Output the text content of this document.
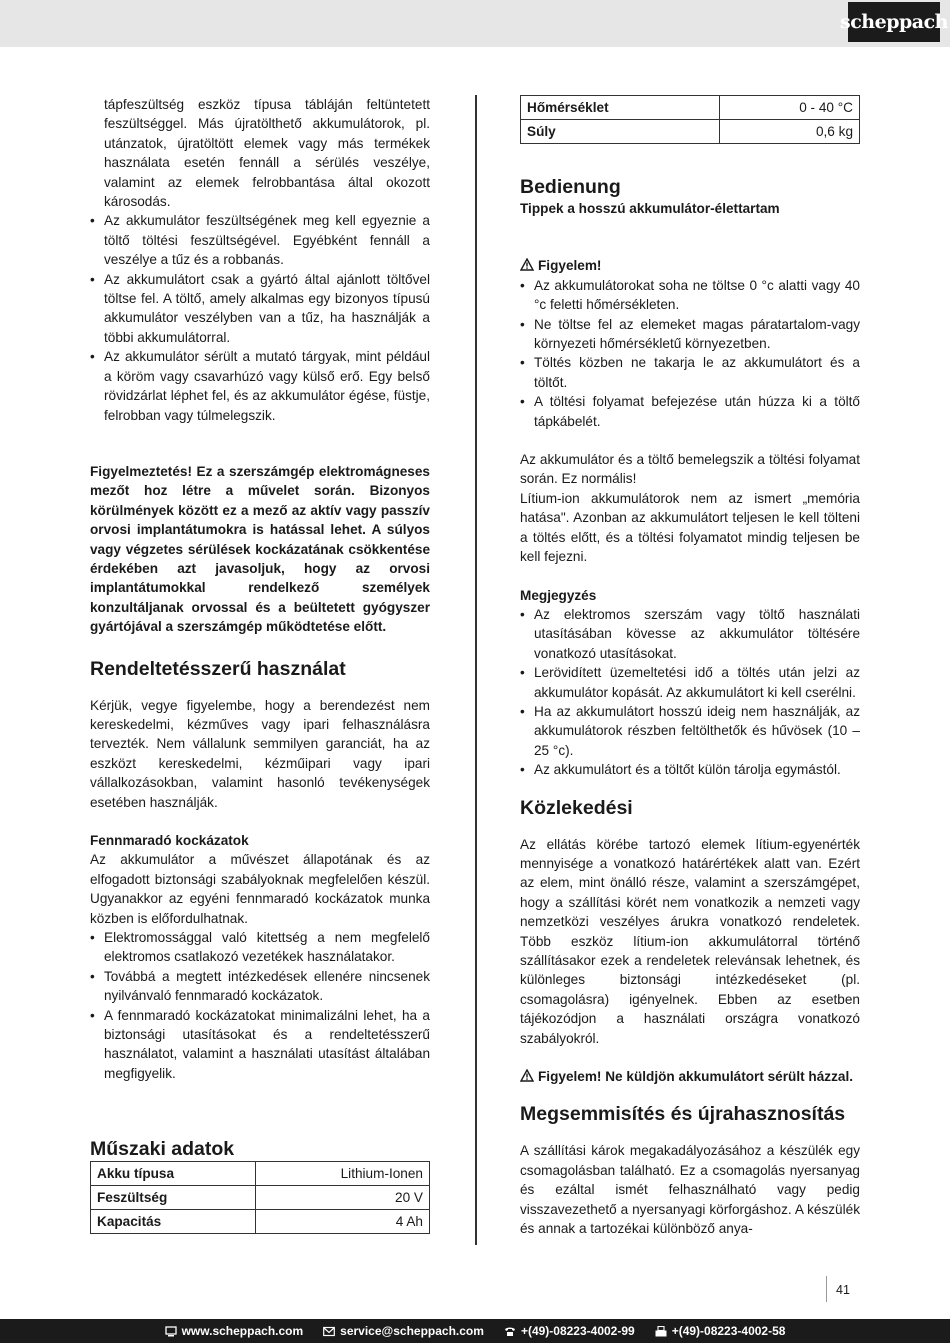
scheppach

tápfeszültség eszköz típusa tábláján feltüntetett feszültséggel. Más újratölthető akkumulátorok, pl. utánzatok, újratöltött elemek vagy más termékek használata esetén fennáll a sérülés veszélye, valamint az elemek felrobbantása által okozott károsodás.

• Az akkumulátor feszültségének meg kell egyeznie a töltő töltési feszültségével. Egyébként fennáll a veszélye a tűz és a robbanás.
• Az akkumulátort csak a gyártó által ajánlott töltővel töltse fel. A töltő, amely alkalmas egy bizonyos típusú akkumulátor veszélyben van a tűz, ha használják a többi akkumulátorral.
• Az akkumulátor sérült a mutató tárgyak, mint például a köröm vagy csavarhúzó vagy külső erő. Egy belső rövidzárlat léphet fel, és az akkumulátor égése, füstje, felrobban vagy túlmelegszik.

Figyelmeztetés! Ez a szerszámgép elektromágneses mezőt hoz létre a művelet során. Bizonyos körülmények között ez a mező az aktív vagy passzív orvosi implantátumokra is hatással lehet. A súlyos vagy végzetes sérülések kockázatának csökkentése érdekében azt javasoljuk, hogy az orvosi implantátumokkal rendelkező személyek konzultáljanak orvossal és a beültetett gyógyszer gyártójával a szerszámgép működtetése előtt.

Rendeltetésszerű használat

Kérjük, vegye figyelembe, hogy a berendezést nem kereskedelmi, kézműves vagy ipari felhasználásra tervezték. Nem vállalunk semmilyen garanciát, ha az eszközt kereskedelmi, kézműipari vagy ipari vállalkozásokban, valamint hasonló tevékenységek esetében használják.

Fennmaradó kockázatok

Az akkumulátor a művészet állapotának és az elfogadott biztonsági szabályoknak megfelelően készül. Ugyanakkor az egyéni fennmaradó kockázatok munka közben is előfordulhatnak.

• Elektromossággal való kitettség a nem megfelelő elektromos csatlakozó vezetékek használatakor.
• Továbbá a megtett intézkedések ellenére nincsenek nyilvánvaló fennmaradó kockázatok.
• A fennmaradó kockázatokat minimalizálni lehet, ha a biztonsági utasításokat és a rendeltetésszerű használatot, valamint a használati utasítást általában megfigyelik.
Műszaki adatok
Akku típusa	Lithium-Ionen
Feszültség	20 V
Kapacitás	4 Ah
Hőmérséklet	0 - 40 °C
Súly	0,6 kg
Bedienung
Tippek a hosszú akkumulátor-élettartam
Figyelem!
• Az akkumulátorokat soha ne töltse 0 °c alatti vagy 40 °c feletti hőmérsékleten.
• Ne töltse fel az elemeket magas páratartalom-vagy környezeti hőmérsékletű környezetben.
• Töltés közben ne takarja le az akkumulátort és a töltőt.
• A töltési folyamat befejezése után húzza ki a töltő tápkábelét.

Az akkumulátor és a töltő bemelegszik a töltési folyamat során. Ez normális!

Lítium-ion akkumulátorok nem az ismert „memória hatása". Azonban az akkumulátort teljesen le kell tölteni a töltés előtt, és a töltési folyamatot mindig teljesen be kell fejezni.

Megjegyzés
• Az elektromos szerszám vagy töltő használati utasításában kövesse az akkumulátor töltésére vonatkozó utasításokat.
• Lerövidített üzemeltetési idő a töltés után jelzi az akkumulátor kopását. Az akkumulátort ki kell cserélni.
• Ha az akkumulátort hosszú ideig nem használják, az akkumulátorok részben feltölthetők és hűvösek (10 – 25 °c).
• Az akkumulátort és a töltőt külön tárolja egymástól.
Közlekedési

Az ellátás körébe tartozó elemek lítium-egyenérték mennyisége a vonatkozó határértékek alatt van. Ezért az elem, mint önálló része, valamint a szerszámgépet, hogy a szállítási körét nem vonatkozik a nemzeti vagy nemzetközi veszélyes árukra vonatkozó rendeletek. Több eszköz lítium-ion akkumulátorral történő szállításakor ezek a rendeletek relevánsak lehetnek, és különleges biztonsági intézkedéseket (pl. csomagolásra) igényelnek. Ebben az esetben tájékozódjon a használati országra vonatkozó szabályokról.

Figyelem! Ne küldjön akkumulátort sérült házzal.

Megsemmisítés és újrahasznosítás

A szállítási károk megakadályozásához a készülék egy csomagolásban található. Ez a csomagolás nyersanyag és ezáltal ismét felhasználható vagy pedig visszavezethető a nyersanyagi körforgáshoz. A készülék és annak a tartozékai különböző anya-

41
www.scheppach.com	service@scheppach.com	+(49)-08223-4002-99	+(49)-08223-4002-58
